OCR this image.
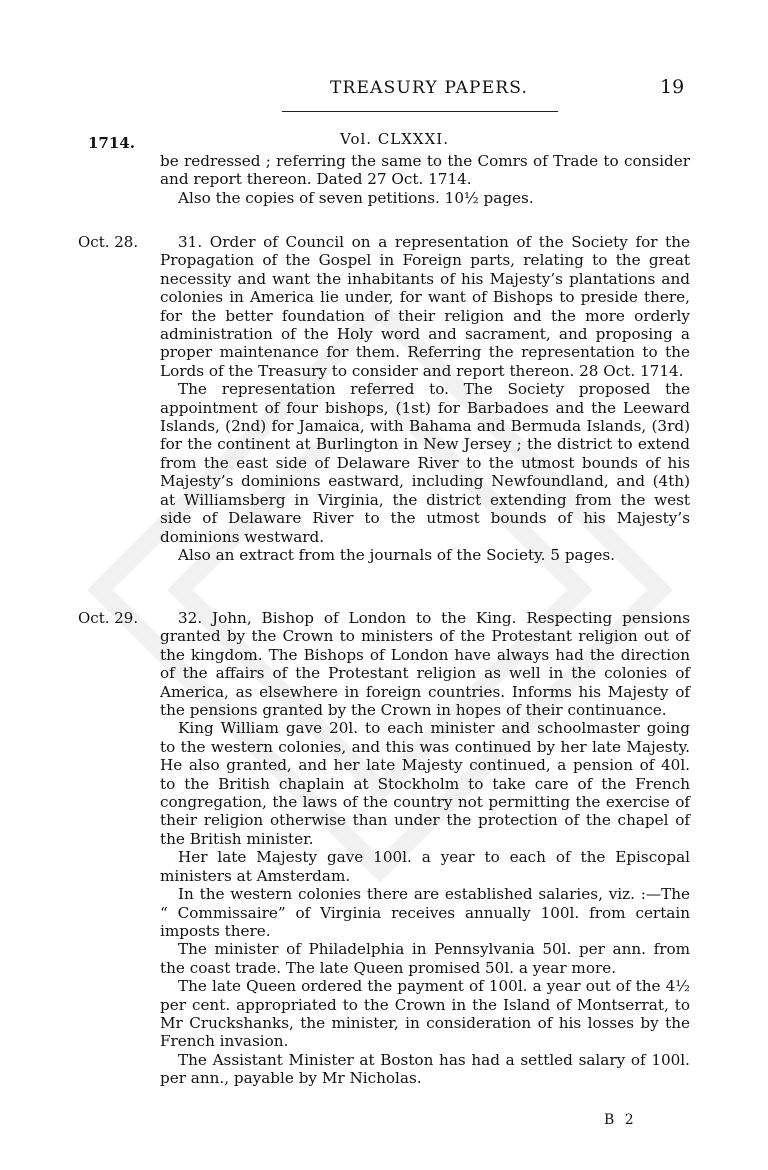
TREASURY PAPERS.	19
1714.	Vol. CLXXXI.
be redressed ; referring the same to the Comrs of Trade to consider and report thereon. Dated 27 Oct. 1714.
Also the copies of seven petitions. 10½ pages.
Oct. 28.	31. Order of Council on a representation of the Society for the Propagation of the Gospel in Foreign parts, relating to the great necessity and want the inhabitants of his Majesty’s plantations and colonies in America lie under, for want of Bishops to preside there, for the better foundation of their religion and the more orderly administration of the Holy word and sacrament, and proposing a proper maintenance for them. Referring the representation to the Lords of the Treasury to consider and report thereon. 28 Oct. 1714.
The representation referred to. The Society proposed the appointment of four bishops, (1st) for Barbadoes and the Leeward Islands, (2nd) for Jamaica, with Bahama and Bermuda Islands, (3rd) for the continent at Burlington in New Jersey ; the district to extend from the east side of Delaware River to the utmost bounds of his Majesty’s dominions eastward, including Newfoundland, and (4th) at Williamsberg in Virginia, the district extending from the west side of Delaware River to the utmost bounds of his Majesty’s dominions westward.
Also an extract from the journals of the Society. 5 pages.
Oct. 29.	32. John, Bishop of London to the King. Respecting pensions granted by the Crown to ministers of the Protestant religion out of the kingdom. The Bishops of London have always had the direction of the affairs of the Protestant religion as well in the colonies of America, as elsewhere in foreign countries. Informs his Majesty of the pensions granted by the Crown in hopes of their continuance.
King William gave 20l. to each minister and schoolmaster going to the western colonies, and this was continued by her late Majesty. He also granted, and her late Majesty continued, a pension of 40l. to the British chaplain at Stockholm to take care of the French congregation, the laws of the country not permitting the exercise of their religion otherwise than under the protection of the chapel of the British minister.
Her late Majesty gave 100l. a year to each of the Episcopal ministers at Amsterdam.
In the western colonies there are established salaries, viz. :—The “ Commissaire” of Virginia receives annually 100l. from certain imposts there.
The minister of Philadelphia in Pennsylvania 50l. per ann. from the coast trade. The late Queen promised 50l. a year more.
The late Queen ordered the payment of 100l. a year out of the 4½ per cent. appropriated to the Crown in the Island of Montserrat, to Mr Cruckshanks, the minister, in consideration of his losses by the French invasion.
The Assistant Minister at Boston has had a settled salary of 100l. per ann., payable by Mr Nicholas.
B 2
